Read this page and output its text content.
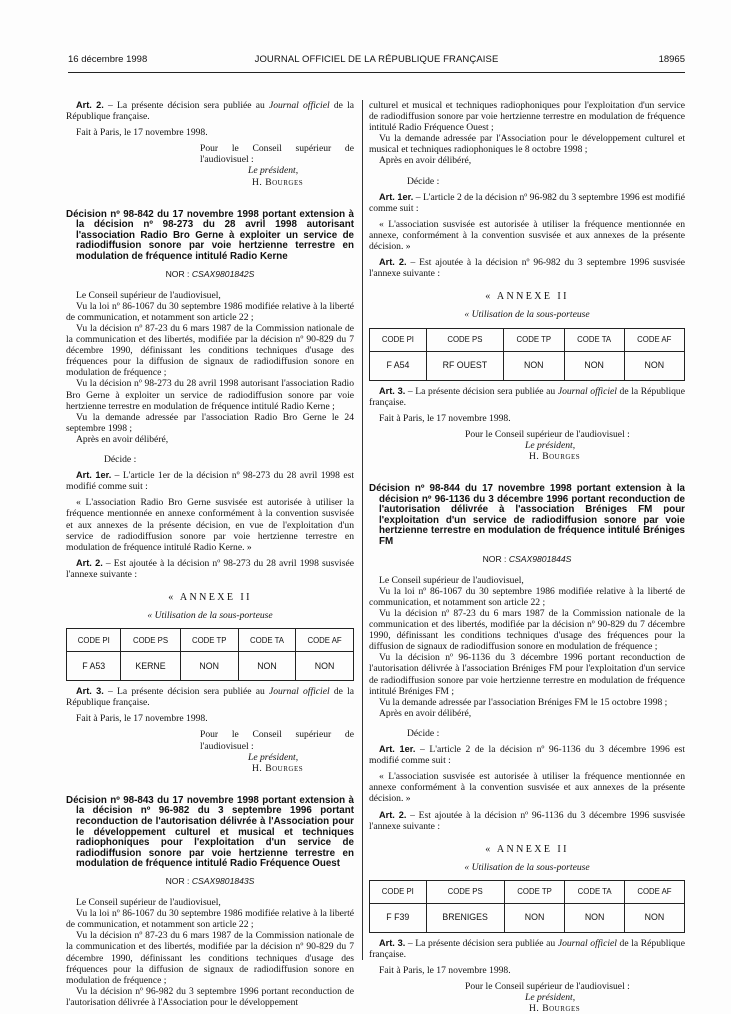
16 décembre 1998	JOURNAL OFFICIEL DE LA RÉPUBLIQUE FRANÇAISE	18965

Art. 2. – La présente décision sera publiée au Journal officiel de la République française.

Fait à Paris, le 17 novembre 1998.

Pour le Conseil supérieur de l'audiovisuel :

Le président,

H. Bourges

Décision nº 98-842 du 17 novembre 1998 portant extension à la décision nº 98-273 du 28 avril 1998 autorisant l'association Radio Bro Gerne à exploiter un service de radiodiffusion sonore par voie hertzienne terrestre en modulation de fréquence intitulé Radio Kerne

NOR : CSAX9801842S

Le Conseil supérieur de l'audiovisuel,

Vu la loi nº 86-1067 du 30 septembre 1986 modifiée relative à la liberté de communication, et notamment son article 22 ;

Vu la décision nº 87-23 du 6 mars 1987 de la Commission nationale de la communication et des libertés, modifiée par la décision nº 90-829 du 7 décembre 1990, définissant les conditions techniques d'usage des fréquences pour la diffusion de signaux de radiodiffusion sonore en modulation de fréquence ;

Vu la décision nº 98-273 du 28 avril 1998 autorisant l'association Radio Bro Gerne à exploiter un service de radiodiffusion sonore par voie hertzienne terrestre en modulation de fréquence intitulé Radio Kerne ;

Vu la demande adressée par l'association Radio Bro Gerne le 24 septembre 1998 ;

Après en avoir délibéré,

Décide :

Art. 1er. – L'article 1er de la décision nº 98-273 du 28 avril 1998 est modifié comme suit :

« L'association Radio Bro Gerne susvisée est autorisée à utiliser la fréquence mentionnée en annexe conformément à la convention susvisée et aux annexes de la présente décision, en vue de l'exploitation d'un service de radiodiffusion sonore par voie hertzienne terrestre en modulation de fréquence intitulé Radio Kerne. »

Art. 2. – Est ajoutée à la décision nº 98-273 du 28 avril 1998 susvisée l'annexe suivante :

« ANNEXE II

« Utilisation de la sous-porteuse

CODE PI	CODE PS	CODE TP	CODE TA	CODE AF
F A53	KERNE	NON	NON	NON

Art. 3. – La présente décision sera publiée au Journal officiel de la République française.

Fait à Paris, le 17 novembre 1998.

Pour le Conseil supérieur de l'audiovisuel :

Le président,

H. Bourges

Décision nº 98-843 du 17 novembre 1998 portant extension à la décision nº 96-982 du 3 septembre 1996 portant reconduction de l'autorisation délivrée à l'Association pour le développement culturel et musical et techniques radiophoniques pour l'exploitation d'un service de radiodiffusion sonore par voie hertzienne terrestre en modulation de fréquence intitulé Radio Fréquence Ouest

NOR : CSAX9801843S

Le Conseil supérieur de l'audiovisuel,

Vu la loi nº 86-1067 du 30 septembre 1986 modifiée relative à la liberté de communication, et notamment son article 22 ;

Vu la décision nº 87-23 du 6 mars 1987 de la Commission nationale de la communication et des libertés, modifiée par la décision nº 90-829 du 7 décembre 1990, définissant les conditions techniques d'usage des fréquences pour la diffusion de signaux de radiodiffusion sonore en modulation de fréquence ;

Vu la décision nº 96-982 du 3 septembre 1996 portant reconduction de l'autorisation délivrée à l'Association pour le développement

culturel et musical et techniques radiophoniques pour l'exploitation d'un service de radiodiffusion sonore par voie hertzienne terrestre en modulation de fréquence intitulé Radio Fréquence Ouest ;

Vu la demande adressée par l'Association pour le développement culturel et musical et techniques radiophoniques le 8 octobre 1998 ;

Après en avoir délibéré,

Décide :

Art. 1er. – L'article 2 de la décision nº 96-982 du 3 septembre 1996 est modifié comme suit :

« L'association susvisée est autorisée à utiliser la fréquence mentionnée en annexe, conformément à la convention susvisée et aux annexes de la présente décision. »

Art. 2. – Est ajoutée à la décision nº 96-982 du 3 septembre 1996 susvisée l'annexe suivante :

« ANNEXE II

« Utilisation de la sous-porteuse

CODE PI	CODE PS	CODE TP	CODE TA	CODE AF
F A54	RF OUEST	NON	NON	NON

Art. 3. – La présente décision sera publiée au Journal officiel de la République française.

Fait à Paris, le 17 novembre 1998.

Pour le Conseil supérieur de l'audiovisuel :

Le président,

H. Bourges

Décision nº 98-844 du 17 novembre 1998 portant extension à la décision nº 96-1136 du 3 décembre 1996 portant reconduction de l'autorisation délivrée à l'association Bréniges FM pour l'exploitation d'un service de radiodiffusion sonore par voie hertzienne terrestre en modulation de fréquence intitulé Bréniges FM

NOR : CSAX9801844S

Le Conseil supérieur de l'audiovisuel,

Vu la loi nº 86-1067 du 30 septembre 1986 modifiée relative à la liberté de communication, et notamment son article 22 ;

Vu la décision nº 87-23 du 6 mars 1987 de la Commission nationale de la communication et des libertés, modifiée par la décision nº 90-829 du 7 décembre 1990, définissant les conditions techniques d'usage des fréquences pour la diffusion de signaux de radiodiffusion sonore en modulation de fréquence ;

Vu la décision nº 96-1136 du 3 décembre 1996 portant reconduction de l'autorisation délivrée à l'association Bréniges FM pour l'exploitation d'un service de radiodiffusion sonore par voie hertzienne terrestre en modulation de fréquence intitulé Bréniges FM ;

Vu la demande adressée par l'association Bréniges FM le 15 octobre 1998 ;

Après en avoir délibéré,

Décide :

Art. 1er. – L'article 2 de la décision nº 96-1136 du 3 décembre 1996 est modifié comme suit :

« L'association susvisée est autorisée à utiliser la fréquence mentionnée en annexe conformément à la convention susvisée et aux annexes de la présente décision. »

Art. 2. – Est ajoutée à la décision nº 96-1136 du 3 décembre 1996 susvisée l'annexe suivante :

« ANNEXE II

« Utilisation de la sous-porteuse

CODE PI	CODE PS	CODE TP	CODE TA	CODE AF
F F39	BRENIGES	NON	NON	NON

Art. 3. – La présente décision sera publiée au Journal officiel de la République française.

Fait à Paris, le 17 novembre 1998.

Pour le Conseil supérieur de l'audiovisuel :

Le président,

H. Bourges
